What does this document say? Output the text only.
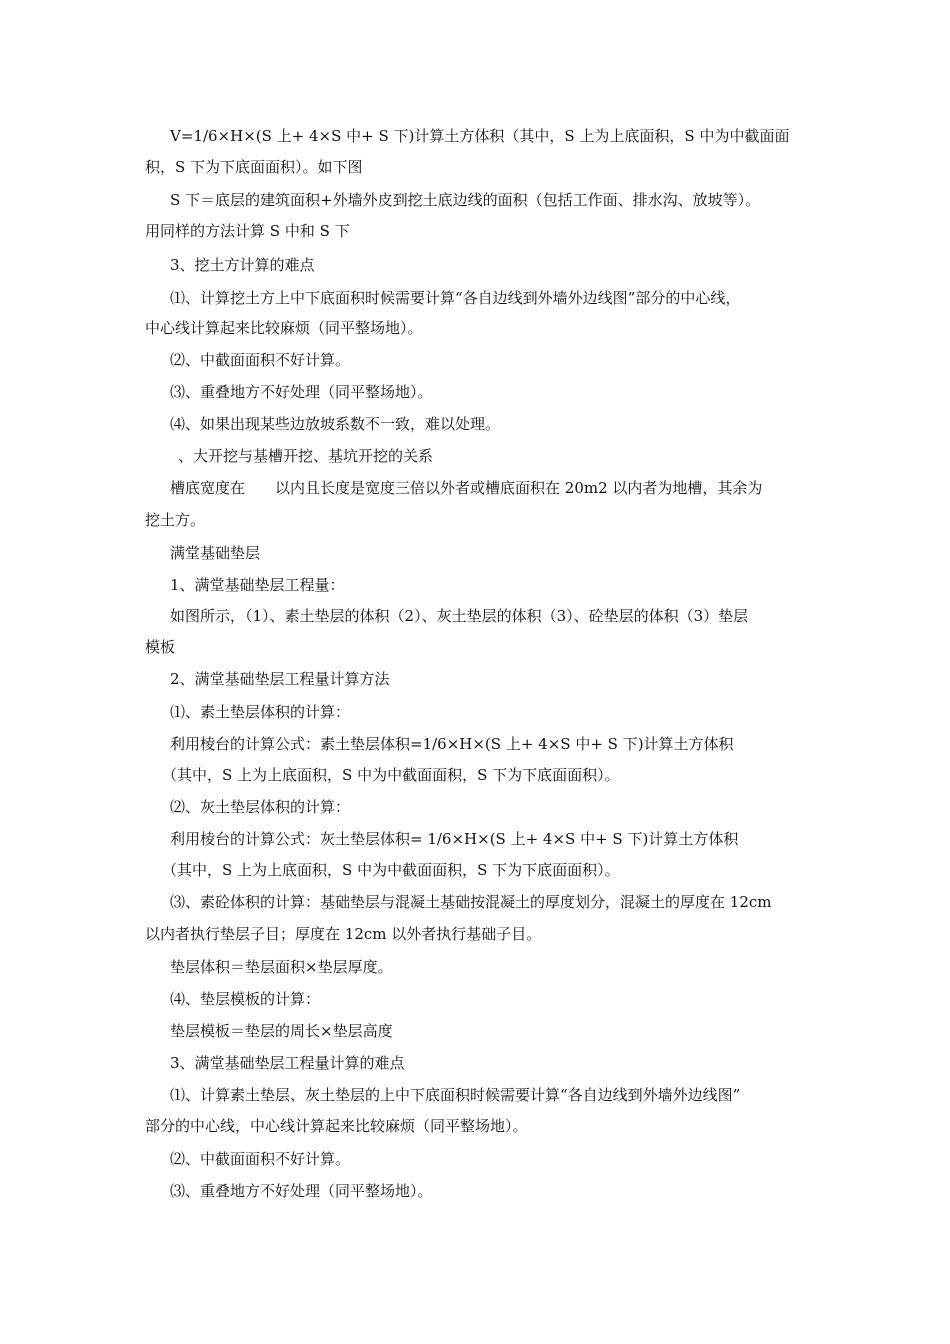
V=1/6×H×(S 上+ 4×S 中+ S 下)计算土方体积（其中，S 上为上底面积，S 中为中截面面
积，S 下为下底面面积）。如下图
S 下＝底层的建筑面积+外墙外皮到挖土底边线的面积（包括工作面、排水沟、放坡等）。
用同样的方法计算 S 中和 S 下
3、挖土方计算的难点
⑴、计算挖土方上中下底面积时候需要计算“各自边线到外墙外边线图”部分的中心线，
中心线计算起来比较麻烦（同平整场地）。
⑵、中截面面积不好计算。
⑶、重叠地方不好处理（同平整场地）。
⑷、如果出现某些边放坡系数不一致，难以处理。
、大开挖与基槽开挖、基坑开挖的关系
槽底宽度在　　以内且长度是宽度三倍以外者或槽底面积在 20m2 以内者为地槽，其余为
挖土方。
满堂基础垫层
1、满堂基础垫层工程量：
如图所示，（1）、素土垫层的体积（2）、灰土垫层的体积（3）、砼垫层的体积（3）垫层
模板
2、满堂基础垫层工程量计算方法
⑴、素土垫层体积的计算：
利用棱台的计算公式：素土垫层体积=1/6×H×(S 上+ 4×S 中+ S 下)计算土方体积
（其中，S 上为上底面积，S 中为中截面面积，S 下为下底面面积）。
⑵、灰土垫层体积的计算：
利用棱台的计算公式：灰土垫层体积= 1/6×H×(S 上+ 4×S 中+ S 下)计算土方体积
（其中，S 上为上底面积，S 中为中截面面积，S 下为下底面面积）。
⑶、素砼体积的计算：基础垫层与混凝土基础按混凝土的厚度划分，混凝土的厚度在 12cm
以内者执行垫层子目；厚度在 12cm 以外者执行基础子目。
垫层体积＝垫层面积×垫层厚度。
⑷、垫层模板的计算：
垫层模板＝垫层的周长×垫层高度
3、满堂基础垫层工程量计算的难点
⑴、计算素土垫层、灰土垫层的上中下底面积时候需要计算“各自边线到外墙外边线图”
部分的中心线，中心线计算起来比较麻烦（同平整场地）。
⑵、中截面面积不好计算。
⑶、重叠地方不好处理（同平整场地）。
